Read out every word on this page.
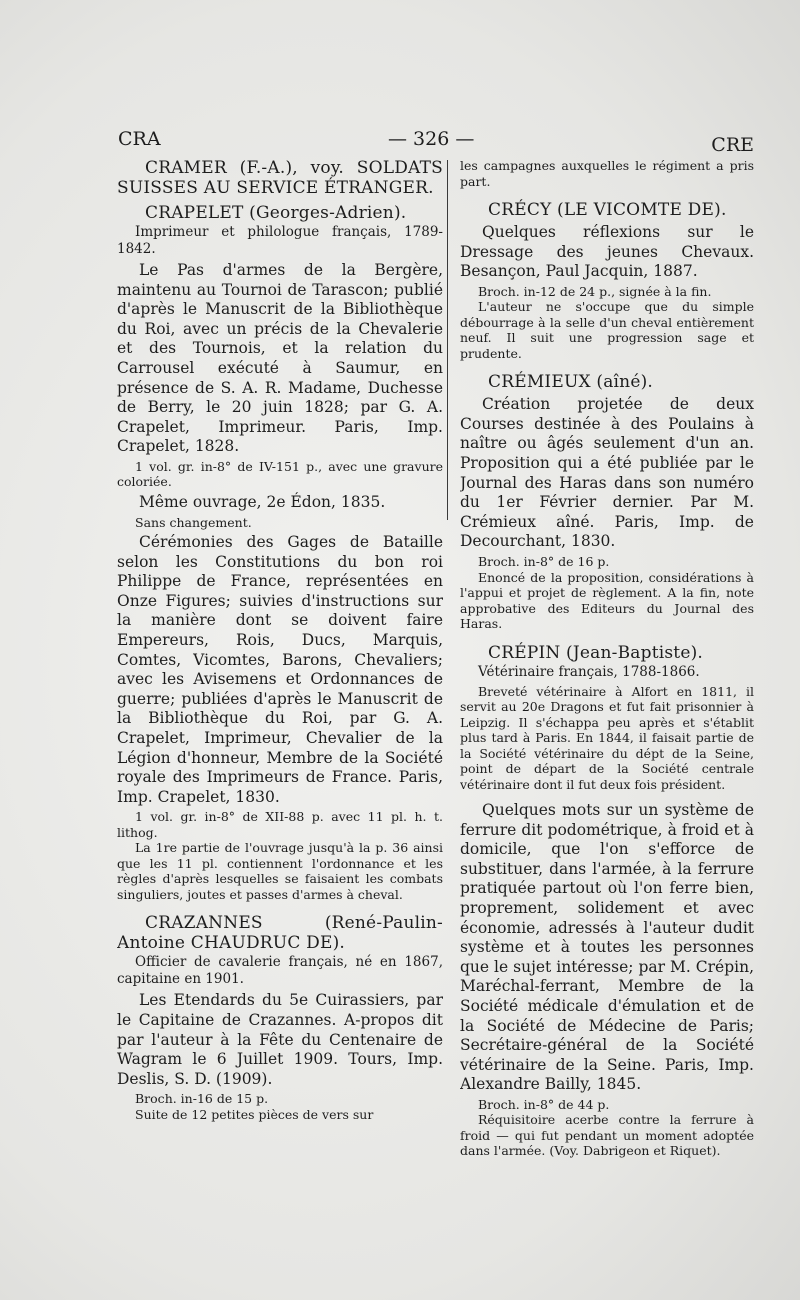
CRA	— 326 —	CRE

CRAMER (F.-A.), voy. SOLDATS SUISSES AU SERVICE ÉTRANGER.

CRAPELET (Georges-Adrien).

Imprimeur et philologue français, 1789-1842.

Le Pas d'armes de la Bergère, maintenu au Tournoi de Tarascon; publié d'après le Manuscrit de la Bibliothèque du Roi, avec un précis de la Chevalerie et des Tournois, et la relation du Carrousel exécuté à Saumur, en présence de S. A. R. Madame, Duchesse de Berry, le 20 juin 1828; par G. A. Crapelet, Imprimeur. Paris, Imp. Crapelet, 1828.

1 vol. gr. in-8° de IV-151 p., avec une gravure coloriée.

Même ouvrage, 2e Édon, 1835.

Sans changement.

Cérémonies des Gages de Bataille selon les Constitutions du bon roi Philippe de France, représentées en Onze Figures; suivies d'instructions sur la manière dont se doivent faire Empereurs, Rois, Ducs, Marquis, Comtes, Vicomtes, Barons, Chevaliers; avec les Avisemens et Ordonnances de guerre; publiées d'après le Manuscrit de la Bibliothèque du Roi, par G. A. Crapelet, Imprimeur, Chevalier de la Légion d'honneur, Membre de la Société royale des Imprimeurs de France. Paris, Imp. Crapelet, 1830.

1 vol. gr. in-8° de XII-88 p. avec 11 pl. h. t. lithog.

La 1re partie de l'ouvrage jusqu'à la p. 36 ainsi que les 11 pl. contiennent l'ordonnance et les règles d'après lesquelles se faisaient les combats singuliers, joutes et passes d'armes à cheval.

CRAZANNES (René-Paulin-Antoine CHAUDRUC DE).

Officier de cavalerie français, né en 1867, capitaine en 1901.

Les Etendards du 5e Cuirassiers, par le Capitaine de Crazannes. A-propos dit par l'auteur à la Fête du Centenaire de Wagram le 6 Juillet 1909. Tours, Imp. Deslis, S. D. (1909).

Broch. in-16 de 15 p.

Suite de 12 petites pièces de vers sur

les campagnes auxquelles le régiment a pris part.

CRÉCY (LE VICOMTE DE).

Quelques réflexions sur le Dressage des jeunes Chevaux. Besançon, Paul Jacquin, 1887.

Broch. in-12 de 24 p., signée à la fin.

L'auteur ne s'occupe que du simple débourrage à la selle d'un cheval entièrement neuf. Il suit une progression sage et prudente.

CRÉMIEUX (aîné).

Création projetée de deux Courses destinée à des Poulains à naître ou âgés seulement d'un an. Proposition qui a été publiée par le Journal des Haras dans son numéro du 1er Février dernier. Par M. Crémieux aîné. Paris, Imp. de Decourchant, 1830.

Broch. in-8° de 16 p.

Enoncé de la proposition, considérations à l'appui et projet de règlement. A la fin, note approbative des Editeurs du Journal des Haras.

CRÉPIN (Jean-Baptiste).

Vétérinaire français, 1788-1866.

Breveté vétérinaire à Alfort en 1811, il servit au 20e Dragons et fut fait prisonnier à Leipzig. Il s'échappa peu après et s'établit plus tard à Paris. En 1844, il faisait partie de la Société vétérinaire du dépt de la Seine, point de départ de la Société centrale vétérinaire dont il fut deux fois président.

Quelques mots sur un système de ferrure dit podométrique, à froid et à domicile, que l'on s'efforce de substituer, dans l'armée, à la ferrure pratiquée partout où l'on ferre bien, proprement, solidement et avec économie, adressés à l'auteur dudit système et à toutes les personnes que le sujet intéresse; par M. Crépin, Maréchal-ferrant, Membre de la Société médicale d'émulation et de la Société de Médecine de Paris; Secrétaire-général de la Société vétérinaire de la Seine. Paris, Imp. Alexandre Bailly, 1845.

Broch. in-8° de 44 p.

Réquisitoire acerbe contre la ferrure à froid — qui fut pendant un moment adoptée dans l'armée. (Voy. Dabrigeon et Riquet).
